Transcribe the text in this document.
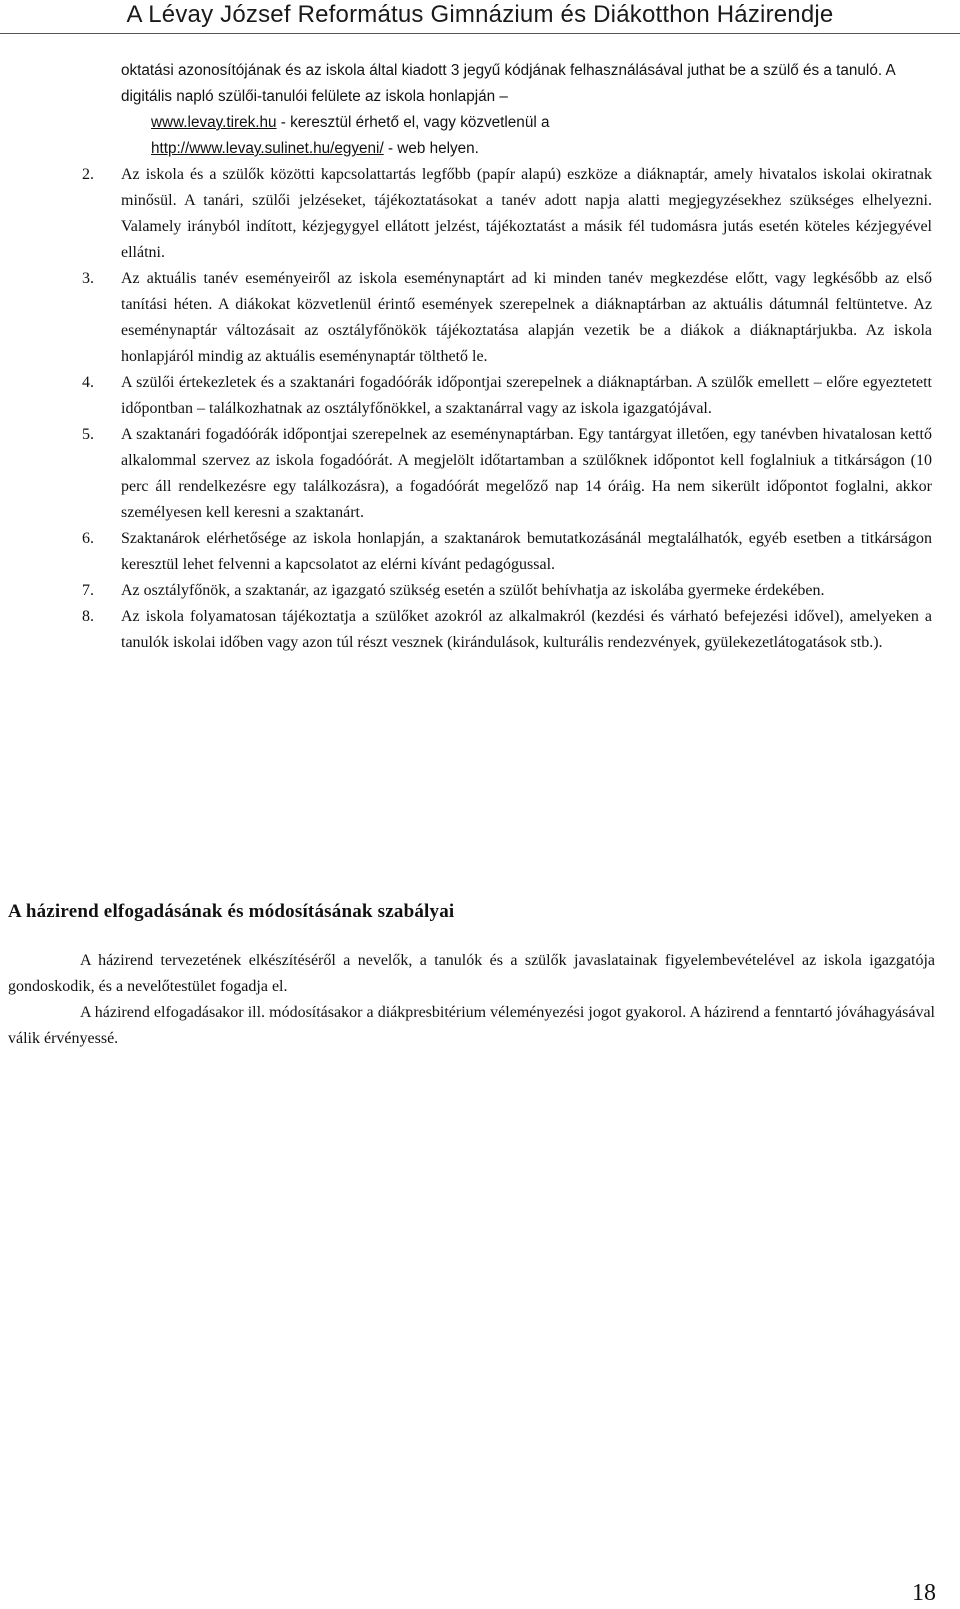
A Lévay József Református Gimnázium és Diákotthon Házirendje

oktatási azonosítójának és az iskola által kiadott 3 jegyű kódjának felhasználásával juthat be a szülő és a tanuló. A digitális napló szülői-tanulói felülete az iskola honlapján –
www.levay.tirek.hu - keresztül érhető el, vagy közvetlenül a
http://www.levay.sulinet.hu/egyeni/ - web helyen.

2.	Az iskola és a szülők közötti kapcsolattartás legfőbb (papír alapú) eszköze a diáknaptár, amely hivatalos iskolai okiratnak minősül. A tanári, szülői jelzéseket, tájékoztatásokat a tanév adott napja alatti megjegyzésekhez szükséges elhelyezni. Valamely irányból indított, kézjegygyel ellátott jelzést, tájékoztatást a másik fél tudomásra jutás esetén köteles kézjegyével ellátni.
3.	Az aktuális tanév eseményeiről az iskola eseménynaptárt ad ki minden tanév megkezdése előtt, vagy legkésőbb az első tanítási héten. A diákokat közvetlenül érintő események szerepelnek a diáknaptárban az aktuális dátumnál feltüntetve. Az eseménynaptár változásait az osztályfőnökök tájékoztatása alapján vezetik be a diákok a diáknaptárjukba. Az iskola honlapjáról mindig az aktuális eseménynaptár tölthető le.
4.	A szülői értekezletek és a szaktanári fogadóórák időpontjai szerepelnek a diáknaptárban. A szülők emellett – előre egyeztetett időpontban – találkozhatnak az osztályfőnökkel, a szaktanárral vagy az iskola igazgatójával.
5.	A szaktanári fogadóórák időpontjai szerepelnek az eseménynaptárban. Egy tantárgyat illetően, egy tanévben hivatalosan kettő alkalommal szervez az iskola fogadóórát. A megjelölt időtartamban a szülőknek időpontot kell foglalniuk a titkárságon (10 perc áll rendelkezésre egy találkozásra), a fogadóórát megelőző nap 14 óráig. Ha nem sikerült időpontot foglalni, akkor személyesen kell keresni a szaktanárt.
6.	Szaktanárok elérhetősége az iskola honlapján, a szaktanárok bemutatkozásánál megtalálhatók, egyéb esetben a titkárságon keresztül lehet felvenni a kapcsolatot az elérni kívánt pedagógussal.
7.	Az osztályfőnök, a szaktanár, az igazgató szükség esetén a szülőt behívhatja az iskolába gyermeke érdekében.
8.	Az iskola folyamatosan tájékoztatja a szülőket azokról az alkalmakról (kezdési és várható befejezési idővel), amelyeken a tanulók iskolai időben vagy azon túl részt vesznek (kirándulások, kulturális rendezvények, gyülekezetlátogatások stb.).
A házirend elfogadásának és módosításának szabályai

A házirend tervezetének elkészítéséről a nevelők, a tanulók és a szülők javaslatainak figyelembevételével az iskola igazgatója gondoskodik, és a nevelőtestület fogadja el.

A házirend elfogadásakor ill. módosításakor a diákpresbitérium véleményezési jogot gyakorol. A házirend a fenntartó jóváhagyásával válik érvényessé.

18
